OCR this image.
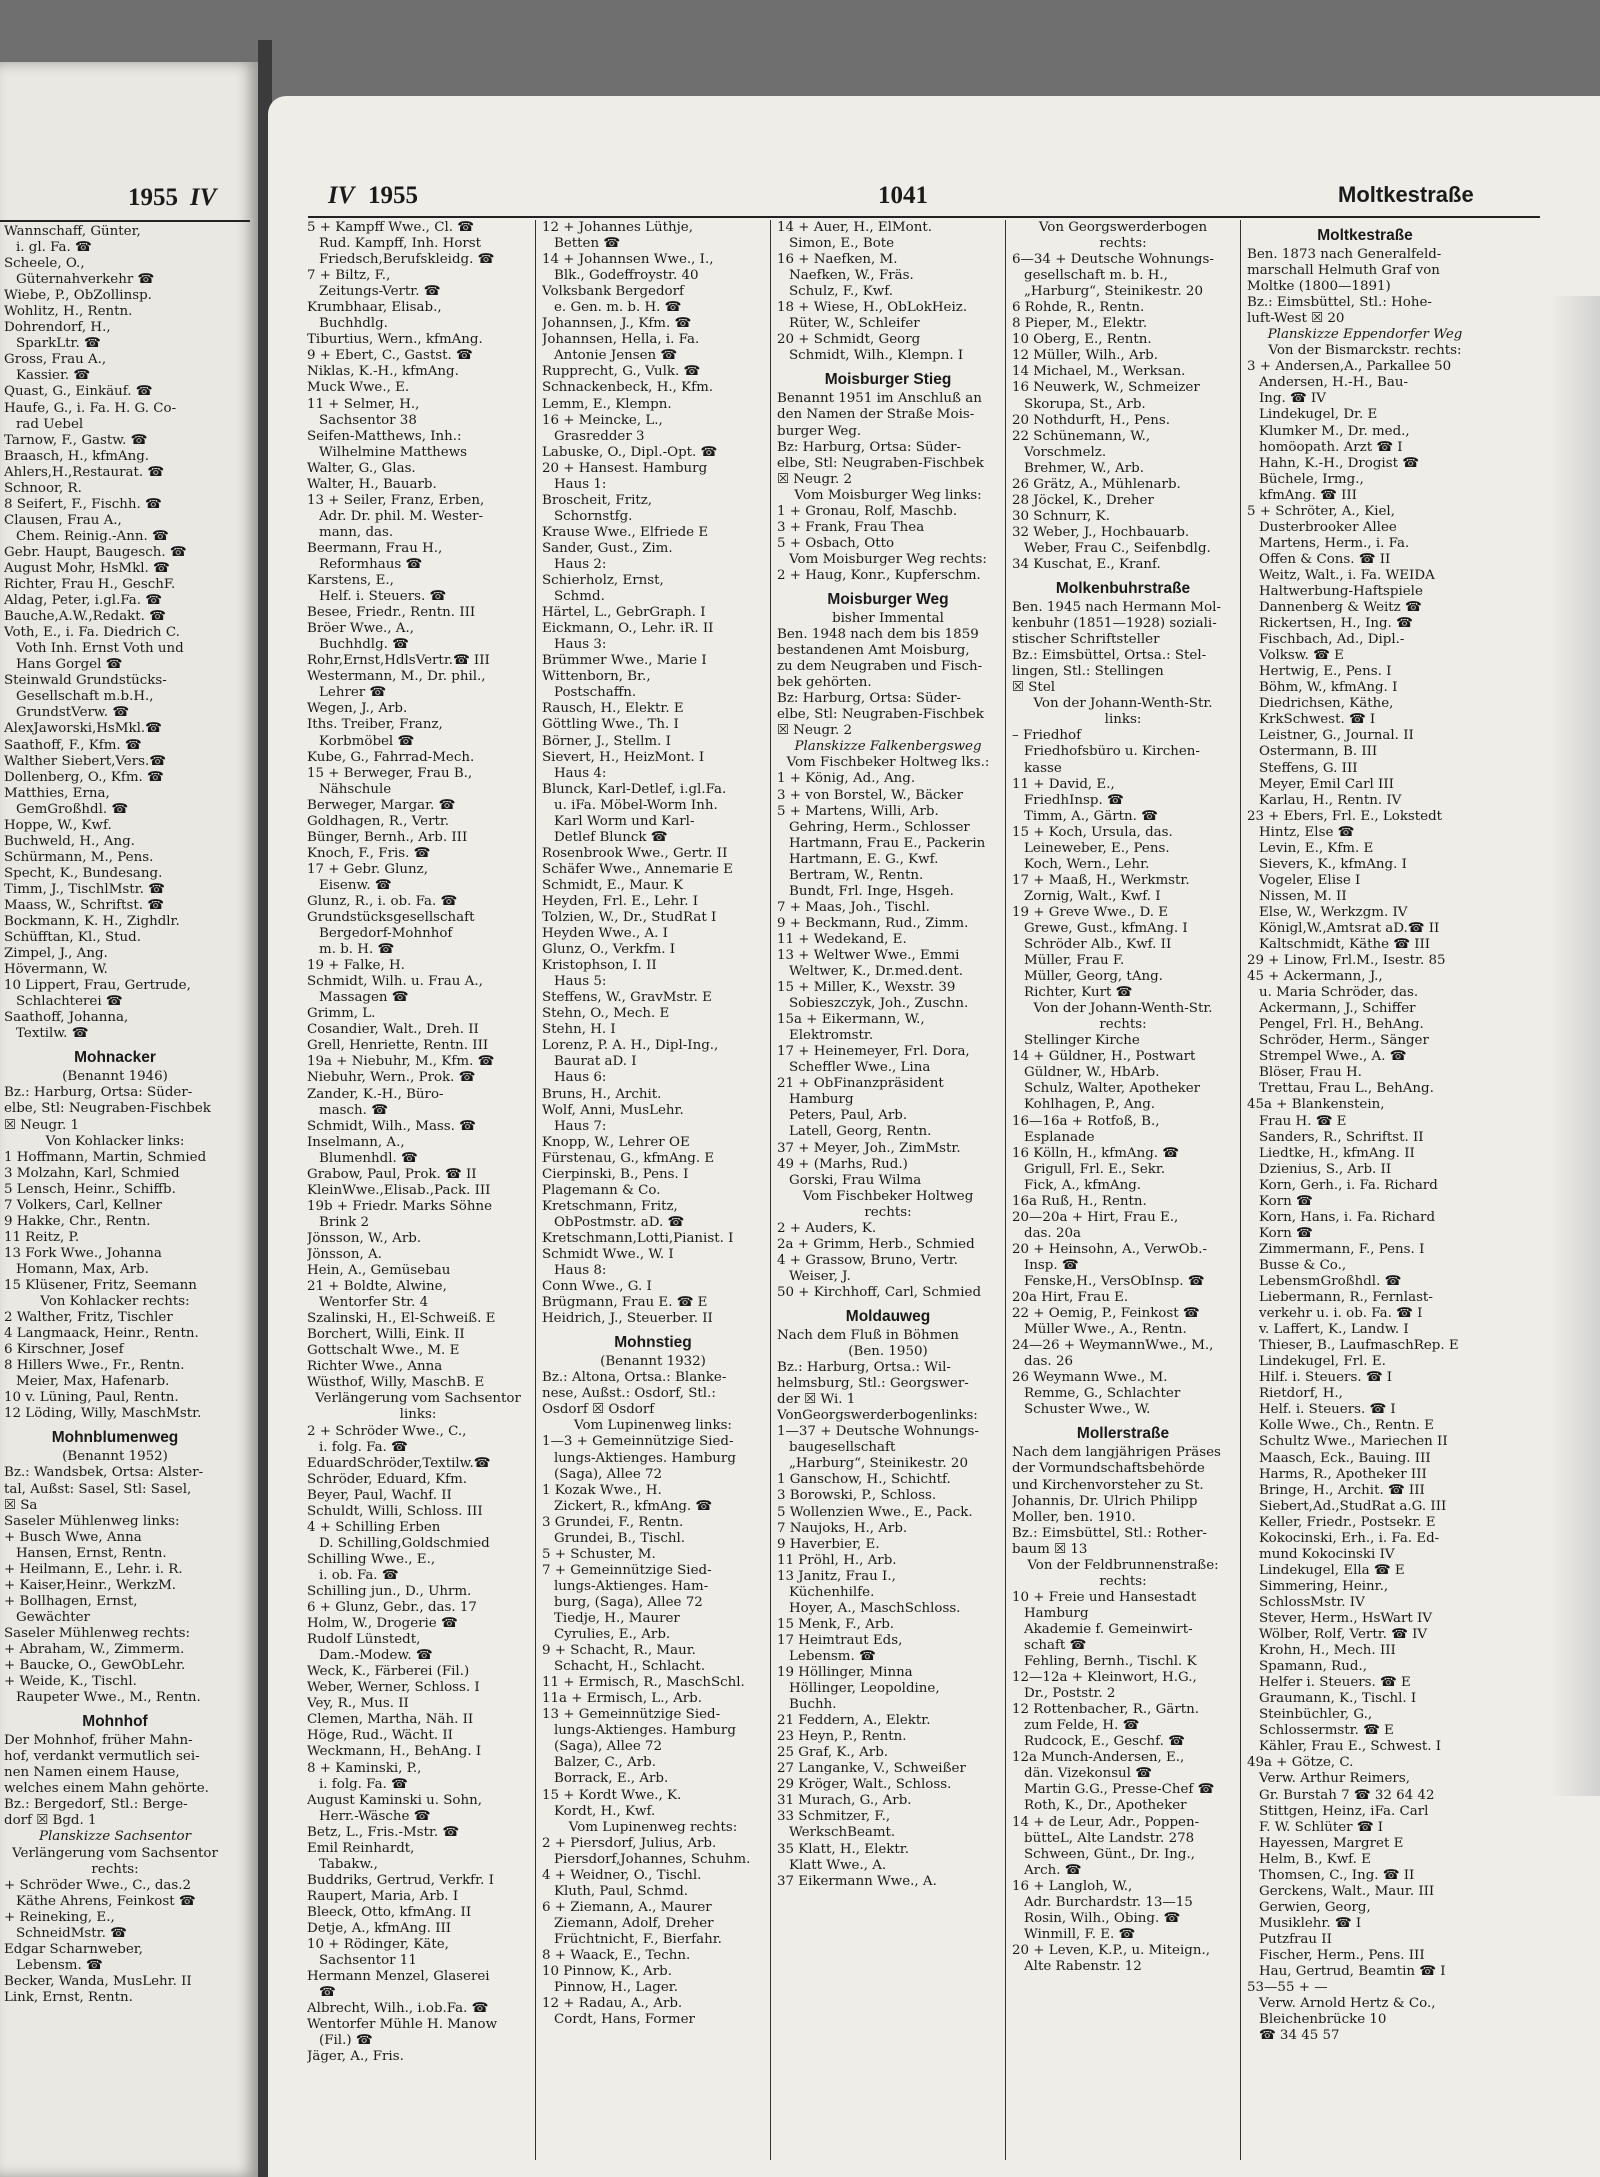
1955 IV
Wannschaff, Günter,
i. gl. Fa. ☎
Scheele, O.,
Güternahverkehr ☎
Wiebe, P., ObZollinsp.
Wohlitz, H., Rentn.
Dohrendorf, H.,
SparkLtr. ☎
Gross, Frau A.,
Kassier. ☎
Quast, G., Einkäuf. ☎
Haufe, G., i. Fa. H. G. Co-
rad Uebel
Tarnow, F., Gastw. ☎
Braasch, H., kfmAng.
Ahlers,H.,Restaurat. ☎
Schnoor, R.
8 Seifert, F., Fischh. ☎
Clausen, Frau A.,
Chem. Reinig.-Ann. ☎
Gebr. Haupt, Baugesch. ☎
August Mohr, HsMkl. ☎
Richter, Frau H., GeschF.
Aldag, Peter, i.gl.Fa. ☎
Bauche,A.W.,Redakt. ☎
Voth, E., i. Fa. Diedrich C.
Voth Inh. Ernst Voth und
Hans Gorgel ☎
Steinwald Grundstücks-
Gesellschaft m.b.H.,
GrundstVerw. ☎
AlexJaworski,HsMkl.☎
Saathoff, F., Kfm. ☎
Walther Siebert,Vers.☎
Dollenberg, O., Kfm. ☎
Matthies, Erna,
GemGroßhdl. ☎
Hoppe, W., Kwf.
Buchweld, H., Ang.
Schürmann, M., Pens.
Specht, K., Bundesang.
Timm, J., TischlMstr. ☎
Maass, W., Schriftst. ☎
Bockmann, K. H., Zighdlr.
Schüfftan, Kl., Stud.
Zimpel, J., Ang.
Hövermann, W.
10 Lippert, Frau, Gertrude,
Schlachterei ☎
Saathoff, Johanna,
Textilw. ☎
Mohnacker
(Benannt 1946)
Bz.: Harburg, Ortsa: Süder-
elbe, Stl: Neugraben-Fischbek
☒ Neugr. 1
Von Kohlacker links:
1 Hoffmann, Martin, Schmied
3 Molzahn, Karl, Schmied
5 Lensch, Heinr., Schiffb.
7 Volkers, Carl, Kellner
9 Hakke, Chr., Rentn.
11 Reitz, P.
13 Fork Wwe., Johanna
Homann, Max, Arb.
15 Klüsener, Fritz, Seemann
Von Kohlacker rechts:
2 Walther, Fritz, Tischler
4 Langmaack, Heinr., Rentn.
6 Kirschner, Josef
8 Hillers Wwe., Fr., Rentn.
Meier, Max, Hafenarb.
10 v. Lüning, Paul, Rentn.
12 Löding, Willy, MaschMstr.
Mohnblumenweg
(Benannt 1952)
Bz.: Wandsbek, Ortsa: Alster-
tal, Außst: Sasel, Stl: Sasel,
☒ Sa
Saseler Mühlenweg links:
+ Busch Wwe, Anna
Hansen, Ernst, Rentn.
+ Heilmann, E., Lehr. i. R.
+ Kaiser,Heinr., WerkzM.
+ Bollhagen, Ernst,
Gewächter
Saseler Mühlenweg rechts:
+ Abraham, W., Zimmerm.
+ Baucke, O., GewObLehr.
+ Weide, K., Tischl.
Raupeter Wwe., M., Rentn.
Mohnhof
Der Mohnhof, früher Mahn-
hof, verdankt vermutlich sei-
nen Namen einem Hause,
welches einem Mahn gehörte.
Bz.: Bergedorf, Stl.: Berge-
dorf ☒ Bgd. 1
Planskizze Sachsentor
Verlängerung vom Sachsentor
rechts:
+ Schröder Wwe., C., das.2
Käthe Ahrens, Feinkost ☎
+ Reineking, E.,
SchneidMstr. ☎
Edgar Scharnweber,
Lebensm. ☎
Becker, Wanda, MusLehr. II
Link, Ernst, Rentn.
IV 1955	1041	Moltkestraße
5 + Kampff Wwe., Cl. ☎
Rud. Kampff, Inh. Horst
Friedsch,Berufskleidg. ☎
7 + Biltz, F.,
Zeitungs-Vertr. ☎
Krumbhaar, Elisab.,
Buchhdlg.
Tiburtius, Wern., kfmAng.
9 + Ebert, C., Gastst. ☎
Niklas, K.-H., kfmAng.
Muck Wwe., E.
11 + Selmer, H.,
Sachsentor 38
Seifen-Matthews, Inh.:
Wilhelmine Matthews
Walter, G., Glas.
Walter, H., Bauarb.
13 + Seiler, Franz, Erben,
Adr. Dr. phil. M. Wester-
mann, das.
Beermann, Frau H.,
Reformhaus ☎
Karstens, E.,
Helf. i. Steuers. ☎
Besee, Friedr., Rentn. III
Bröer Wwe., A.,
Buchhdlg. ☎
Rohr,Ernst,HdlsVertr.☎ III
Westermann, M., Dr. phil.,
Lehrer ☎
Wegen, J., Arb.
Iths. Treiber, Franz,
Korbmöbel ☎
Kube, G., Fahrrad-Mech.
15 + Berweger, Frau B.,
Nähschule
Berweger, Margar. ☎
Goldhagen, R., Vertr.
Bünger, Bernh., Arb. III
Knoch, F., Fris. ☎
17 + Gebr. Glunz,
Eisenw. ☎
Glunz, R., i. ob. Fa. ☎
Grundstücksgesellschaft
Bergedorf-Mohnhof
m. b. H. ☎
19 + Falke, H.
Schmidt, Wilh. u. Frau A.,
Massagen ☎
Grimm, L.
Cosandier, Walt., Dreh. II
Grell, Henriette, Rentn. III
19a + Niebuhr, M., Kfm. ☎
Niebuhr, Wern., Prok. ☎
Zander, K.-H., Büro-
masch. ☎
Schmidt, Wilh., Mass. ☎
Inselmann, A.,
Blumenhdl. ☎
Grabow, Paul, Prok. ☎ II
KleinWwe.,Elisab.,Pack. III
19b + Friedr. Marks Söhne
Brink 2
Jönsson, W., Arb.
Jönsson, A.
Hein, A., Gemüsebau
21 + Boldte, Alwine,
Wentorfer Str. 4
Szalinski, H., El-Schweiß. E
Borchert, Willi, Eink. II
Gottschalt Wwe., M. E
Richter Wwe., Anna
Wüsthof, Willy, MaschB. E
Verlängerung vom Sachsentor
links:
2 + Schröder Wwe., C.,
i. folg. Fa. ☎
EduardSchröder,Textilw.☎
Schröder, Eduard, Kfm.
Beyer, Paul, Wachf. II
Schuldt, Willi, Schloss. III
4 + Schilling Erben
D. Schilling,Goldschmied
Schilling Wwe., E.,
i. ob. Fa. ☎
Schilling jun., D., Uhrm.
6 + Glunz, Gebr., das. 17
Holm, W., Drogerie ☎
Rudolf Lünstedt,
Dam.-Modew. ☎
Weck, K., Färberei (Fil.)
Weber, Werner, Schloss. I
Vey, R., Mus. II
Clemen, Martha, Näh. II
Höge, Rud., Wächt. II
Weckmann, H., BehAng. I
8 + Kaminski, P.,
i. folg. Fa. ☎
August Kaminski u. Sohn,
Herr.-Wäsche ☎
Betz, L., Fris.-Mstr. ☎
Emil Reinhardt,
Tabakw.,
Buddriks, Gertrud, Verkfr. I
Raupert, Maria, Arb. I
Bleeck, Otto, kfmAng. II
Detje, A., kfmAng. III
10 + Rödinger, Käte,
Sachsentor 11
Hermann Menzel, Glaserei
☎
Albrecht, Wilh., i.ob.Fa. ☎
Wentorfer Mühle H. Manow
(Fil.) ☎
Jäger, A., Fris.
12 + Johannes Lüthje,
Betten ☎
14 + Johannsen Wwe., I.,
Blk., Godeffroystr. 40
Volksbank Bergedorf
e. Gen. m. b. H. ☎
Johannsen, J., Kfm. ☎
Johannsen, Hella, i. Fa.
Antonie Jensen ☎
Rupprecht, G., Vulk. ☎
Schnackenbeck, H., Kfm.
Lemm, E., Klempn.
16 + Meincke, L.,
Grasredder 3
Labuske, O., Dipl.-Opt. ☎
20 + Hansest. Hamburg
Haus 1:
Broscheit, Fritz,
Schornstfg.
Krause Wwe., Elfriede E
Sander, Gust., Zim.
Haus 2:
Schierholz, Ernst,
Schmd.
Härtel, L., GebrGraph. I
Eickmann, O., Lehr. iR. II
Haus 3:
Brümmer Wwe., Marie I
Wittenborn, Br.,
Postschaffn.
Rausch, H., Elektr. E
Göttling Wwe., Th. I
Börner, J., Stellm. I
Sievert, H., HeizMont. I
Haus 4:
Blunck, Karl-Detlef, i.gl.Fa.
u. iFa. Möbel-Worm Inh.
Karl Worm und Karl-
Detlef Blunck ☎
Rosenbrook Wwe., Gertr. II
Schäfer Wwe., Annemarie E
Schmidt, E., Maur. K
Heyden, Frl. E., Lehr. I
Tolzien, W., Dr., StudRat I
Heyden Wwe., A. I
Glunz, O., Verkfm. I
Kristophson, I. II
Haus 5:
Steffens, W., GravMstr. E
Stehn, O., Mech. E
Stehn, H. I
Lorenz, P. A. H., Dipl-Ing.,
Baurat aD. I
Haus 6:
Bruns, H., Archit.
Wolf, Anni, MusLehr.
Haus 7:
Knopp, W., Lehrer OE
Fürstenau, G., kfmAng. E
Cierpinski, B., Pens. I
Plagemann & Co.
Kretschmann, Fritz,
ObPostmstr. aD. ☎
Kretschmann,Lotti,Pianist. I
Schmidt Wwe., W. I
Haus 8:
Conn Wwe., G. I
Brügmann, Frau E. ☎ E
Heidrich, J., Steuerber. II
Mohnstieg
(Benannt 1932)
Bz.: Altona, Ortsa.: Blanke-
nese, Außst.: Osdorf, Stl.:
Osdorf ☒ Osdorf
Vom Lupinenweg links:
1—3 + Gemeinnützige Sied-
lungs-Aktienges. Hamburg
(Saga), Allee 72
1 Kozak Wwe., H.
Zickert, R., kfmAng. ☎
3 Grundei, F., Rentn.
Grundei, B., Tischl.
5 + Schuster, M.
7 + Gemeinnützige Sied-
lungs-Aktienges. Ham-
burg, (Saga), Allee 72
Tiedje, H., Maurer
Cyrulies, E., Arb.
9 + Schacht, R., Maur.
Schacht, H., Schlacht.
11 + Ermisch, R., MaschSchl.
11a + Ermisch, L., Arb.
13 + Gemeinnützige Sied-
lungs-Aktienges. Hamburg
(Saga), Allee 72
Balzer, C., Arb.
Borrack, E., Arb.
15 + Kordt Wwe., K.
Kordt, H., Kwf.
Vom Lupinenweg rechts:
2 + Piersdorf, Julius, Arb.
Piersdorf,Johannes, Schuhm.
4 + Weidner, O., Tischl.
Kluth, Paul, Schmd.
6 + Ziemann, A., Maurer
Ziemann, Adolf, Dreher
Früchtnicht, F., Bierfahr.
8 + Waack, E., Techn.
10 Pinnow, K., Arb.
Pinnow, H., Lager.
12 + Radau, A., Arb.
Cordt, Hans, Former
14 + Auer, H., ElMont.
Simon, E., Bote
16 + Naefken, M.
Naefken, W., Fräs.
Schulz, F., Kwf.
18 + Wiese, H., ObLokHeiz.
Rüter, W., Schleifer
20 + Schmidt, Georg
Schmidt, Wilh., Klempn. I
Moisburger Stieg
Benannt 1951 im Anschluß an
den Namen der Straße Mois-
burger Weg.
Bz: Harburg, Ortsa: Süder-
elbe, Stl: Neugraben-Fischbek
☒ Neugr. 2
Vom Moisburger Weg links:
1 + Gronau, Rolf, Maschb.
3 + Frank, Frau Thea
5 + Osbach, Otto
Vom Moisburger Weg rechts:
2 + Haug, Konr., Kupferschm.
Moisburger Weg
bisher Immental
Ben. 1948 nach dem bis 1859
bestandenen Amt Moisburg,
zu dem Neugraben und Fisch-
bek gehörten.
Bz: Harburg, Ortsa: Süder-
elbe, Stl: Neugraben-Fischbek
☒ Neugr. 2
Planskizze Falkenbergsweg
Vom Fischbeker Holtweg lks.:
1 + König, Ad., Ang.
3 + von Borstel, W., Bäcker
5 + Martens, Willi, Arb.
Gehring, Herm., Schlosser
Hartmann, Frau E., Packerin
Hartmann, E. G., Kwf.
Bertram, W., Rentn.
Bundt, Frl. Inge, Hsgeh.
7 + Maas, Joh., Tischl.
9 + Beckmann, Rud., Zimm.
11 + Wedekand, E.
13 + Weltwer Wwe., Emmi
Weltwer, K., Dr.med.dent.
15 + Miller, K., Wexstr. 39
Sobieszczyk, Joh., Zuschn.
15a + Eikermann, W.,
Elektromstr.
17 + Heinemeyer, Frl. Dora,
Scheffler Wwe., Lina
21 + ObFinanzpräsident
Hamburg
Peters, Paul, Arb.
Latell, Georg, Rentn.
37 + Meyer, Joh., ZimMstr.
49 + (Marhs, Rud.)
Gorski, Frau Wilma
Vom Fischbeker Holtweg
rechts:
2 + Auders, K.
2a + Grimm, Herb., Schmied
4 + Grassow, Bruno, Vertr.
Weiser, J.
50 + Kirchhoff, Carl, Schmied
Moldauweg
Nach dem Fluß in Böhmen
(Ben. 1950)
Bz.: Harburg, Ortsa.: Wil-
helmsburg, Stl.: Georgswer-
der ☒ Wi. 1
VonGeorgswerderbogenlinks:
1—37 + Deutsche Wohnungs-
baugesellschaft
„Harburg“, Steinikestr. 20
1 Ganschow, H., Schichtf.
3 Borowski, P., Schloss.
5 Wollenzien Wwe., E., Pack.
7 Naujoks, H., Arb.
9 Haverbier, E.
11 Pröhl, H., Arb.
13 Janitz, Frau I.,
Küchenhilfe.
Hoyer, A., MaschSchloss.
15 Menk, F., Arb.
17 Heimtraut Eds,
Lebensm. ☎
19 Höllinger, Minna
Höllinger, Leopoldine,
Buchh.
21 Feddern, A., Elektr.
23 Heyn, P., Rentn.
25 Graf, K., Arb.
27 Langanke, V., Schweißer
29 Kröger, Walt., Schloss.
31 Murach, G., Arb.
33 Schmitzer, F.,
WerkschBeamt.
35 Klatt, H., Elektr.
Klatt Wwe., A.
37 Eikermann Wwe., A.
Von Georgswerderbogen
rechts:
6—34 + Deutsche Wohnungs-
gesellschaft m. b. H.,
„Harburg“, Steinikestr. 20
6 Rohde, R., Rentn.
8 Pieper, M., Elektr.
10 Oberg, E., Rentn.
12 Müller, Wilh., Arb.
14 Michael, M., Werksan.
16 Neuwerk, W., Schmeizer
Skorupa, St., Arb.
20 Nothdurft, H., Pens.
22 Schünemann, W.,
Vorschmelz.
Brehmer, W., Arb.
26 Grätz, A., Mühlenarb.
28 Jöckel, K., Dreher
30 Schnurr, K.
32 Weber, J., Hochbauarb.
Weber, Frau C., Seifenbdlg.
34 Kuschat, E., Kranf.
Molkenbuhrstraße
Ben. 1945 nach Hermann Mol-
kenbuhr (1851—1928) soziali-
stischer Schriftsteller
Bz.: Eimsbüttel, Ortsa.: Stel-
lingen, Stl.: Stellingen
☒ Stel
Von der Johann-Wenth-Str.
links:
– Friedhof
Friedhofsbüro u. Kirchen-
kasse
11 + David, E.,
FriedhInsp. ☎
Timm, A., Gärtn. ☎
15 + Koch, Ursula, das.
Leineweber, E., Pens.
Koch, Wern., Lehr.
17 + Maaß, H., Werkmstr.
Zornig, Walt., Kwf. I
19 + Greve Wwe., D. E
Grewe, Gust., kfmAng. I
Schröder Alb., Kwf. II
Müller, Frau F.
Müller, Georg, tAng.
Richter, Kurt ☎
Von der Johann-Wenth-Str.
rechts:
Stellinger Kirche
14 + Güldner, H., Postwart
Güldner, W., HbArb.
Schulz, Walter, Apotheker
Kohlhagen, P., Ang.
16—16a + Rotfoß, B.,
Esplanade
16 Kölln, H., kfmAng. ☎
Grigull, Frl. E., Sekr.
Fick, A., kfmAng.
16a Ruß, H., Rentn.
20—20a + Hirt, Frau E.,
das. 20a
20 + Heinsohn, A., VerwOb.-
Insp. ☎
Fenske,H., VersObInsp. ☎
20a Hirt, Frau E.
22 + Oemig, P., Feinkost ☎
Müller Wwe., A., Rentn.
24—26 + WeymannWwe., M.,
das. 26
26 Weymann Wwe., M.
Remme, G., Schlachter
Schuster Wwe., W.
Mollerstraße
Nach dem langjährigen Präses
der Vormundschaftsbehörde
und Kirchenvorsteher zu St.
Johannis, Dr. Ulrich Philipp
Moller, ben. 1910.
Bz.: Eimsbüttel, Stl.: Rother-
baum ☒ 13
Von der Feldbrunnenstraße:
rechts:
10 + Freie und Hansestadt
Hamburg
Akademie f. Gemeinwirt-
schaft ☎
Fehling, Bernh., Tischl. K
12—12a + Kleinwort, H.G.,
Dr., Poststr. 2
12 Rottenbacher, R., Gärtn.
zum Felde, H. ☎
Rudcock, E., Geschf. ☎
12a Munch-Andersen, E.,
dän. Vizekonsul ☎
Martin G.G., Presse-Chef ☎
Roth, K., Dr., Apotheker
14 + de Leur, Adr., Poppen-
bütteL, Alte Landstr. 278
Schween, Günt., Dr. Ing.,
Arch. ☎
16 + Langloh, W.,
Adr. Burchardstr. 13—15
Rosin, Wilh., Obing. ☎
Winmill, F. E. ☎
20 + Leven, K.P., u. Miteign.,
Alte Rabenstr. 12
Moltkestraße
Ben. 1873 nach Generalfeld-
marschall Helmuth Graf von
Moltke (1800—1891)
Bz.: Eimsbüttel, Stl.: Hohe-
luft-West ☒ 20
Planskizze Eppendorfer Weg
Von der Bismarckstr. rechts:
3 + Andersen,A., Parkallee 50
Andersen, H.-H., Bau-
Ing. ☎ IV
Lindekugel, Dr. E
Klumker M., Dr. med.,
homöopath. Arzt ☎ I
Hahn, K.-H., Drogist ☎
Büchele, Irmg.,
kfmAng. ☎ III
5 + Schröter, A., Kiel,
Dusterbrooker Allee
Martens, Herm., i. Fa.
Offen & Cons. ☎ II
Weitz, Walt., i. Fa. WEIDA
Haltwerbung-Haftspiele
Dannenberg & Weitz ☎
Rickertsen, H., Ing. ☎
Fischbach, Ad., Dipl.-
Volksw. ☎ E
Hertwig, E., Pens. I
Böhm, W., kfmAng. I
Diedrichsen, Käthe,
KrkSchwest. ☎ I
Leistner, G., Journal. II
Ostermann, B. III
Steffens, G. III
Meyer, Emil Carl III
Karlau, H., Rentn. IV
23 + Ebers, Frl. E., Lokstedt
Hintz, Else ☎
Levin, E., Kfm. E
Sievers, K., kfmAng. I
Vogeler, Elise I
Nissen, M. II
Else, W., Werkzgm. IV
Königl,W.,Amtsrat aD.☎ II
Kaltschmidt, Käthe ☎ III
29 + Linow, Frl.M., Isestr. 85
45 + Ackermann, J.,
u. Maria Schröder, das.
Ackermann, J., Schiffer
Pengel, Frl. H., BehAng.
Schröder, Herm., Sänger
Strempel Wwe., A. ☎
Blöser, Frau H.
Trettau, Frau L., BehAng.
45a + Blankenstein,
Frau H. ☎ E
Sanders, R., Schriftst. II
Liedtke, H., kfmAng. II
Dzienius, S., Arb. II
Korn, Gerh., i. Fa. Richard
Korn ☎
Korn, Hans, i. Fa. Richard
Korn ☎
Zimmermann, F., Pens. I
Busse & Co.,
LebensmGroßhdl. ☎
Liebermann, R., Fernlast-
verkehr u. i. ob. Fa. ☎ I
v. Laffert, K., Landw. I
Thieser, B., LaufmaschRep. E
Lindekugel, Frl. E.
Hilf. i. Steuers. ☎ I
Rietdorf, H.,
Helf. i. Steuers. ☎ I
Kolle Wwe., Ch., Rentn. E
Schultz Wwe., Mariechen II
Maasch, Eck., Bauing. III
Harms, R., Apotheker III
Bringe, H., Archit. ☎ III
Siebert,Ad.,StudRat a.G. III
Keller, Friedr., Postsekr. E
Kokocinski, Erh., i. Fa. Ed-
mund Kokocinski IV
Lindekugel, Ella ☎ E
Simmering, Heinr.,
SchlossMstr. IV
Stever, Herm., HsWart IV
Wölber, Rolf, Vertr. ☎ IV
Krohn, H., Mech. III
Spamann, Rud.,
Helfer i. Steuers. ☎ E
Graumann, K., Tischl. I
Steinbüchler, G.,
Schlossermstr. ☎ E
Kähler, Frau E., Schwest. I
49a + Götze, C.
Verw. Arthur Reimers,
Gr. Burstah 7 ☎ 32 64 42
Stittgen, Heinz, iFa. Carl
F. W. Schlüter ☎ I
Hayessen, Margret E
Helm, B., Kwf. E
Thomsen, C., Ing. ☎ II
Gerckens, Walt., Maur. III
Gerwien, Georg,
Musiklehr. ☎ I
Putzfrau II
Fischer, Herm., Pens. III
Hau, Gertrud, Beamtin ☎ I
53—55 + —
Verw. Arnold Hertz & Co.,
Bleichenbrücke 10
☎ 34 45 57
